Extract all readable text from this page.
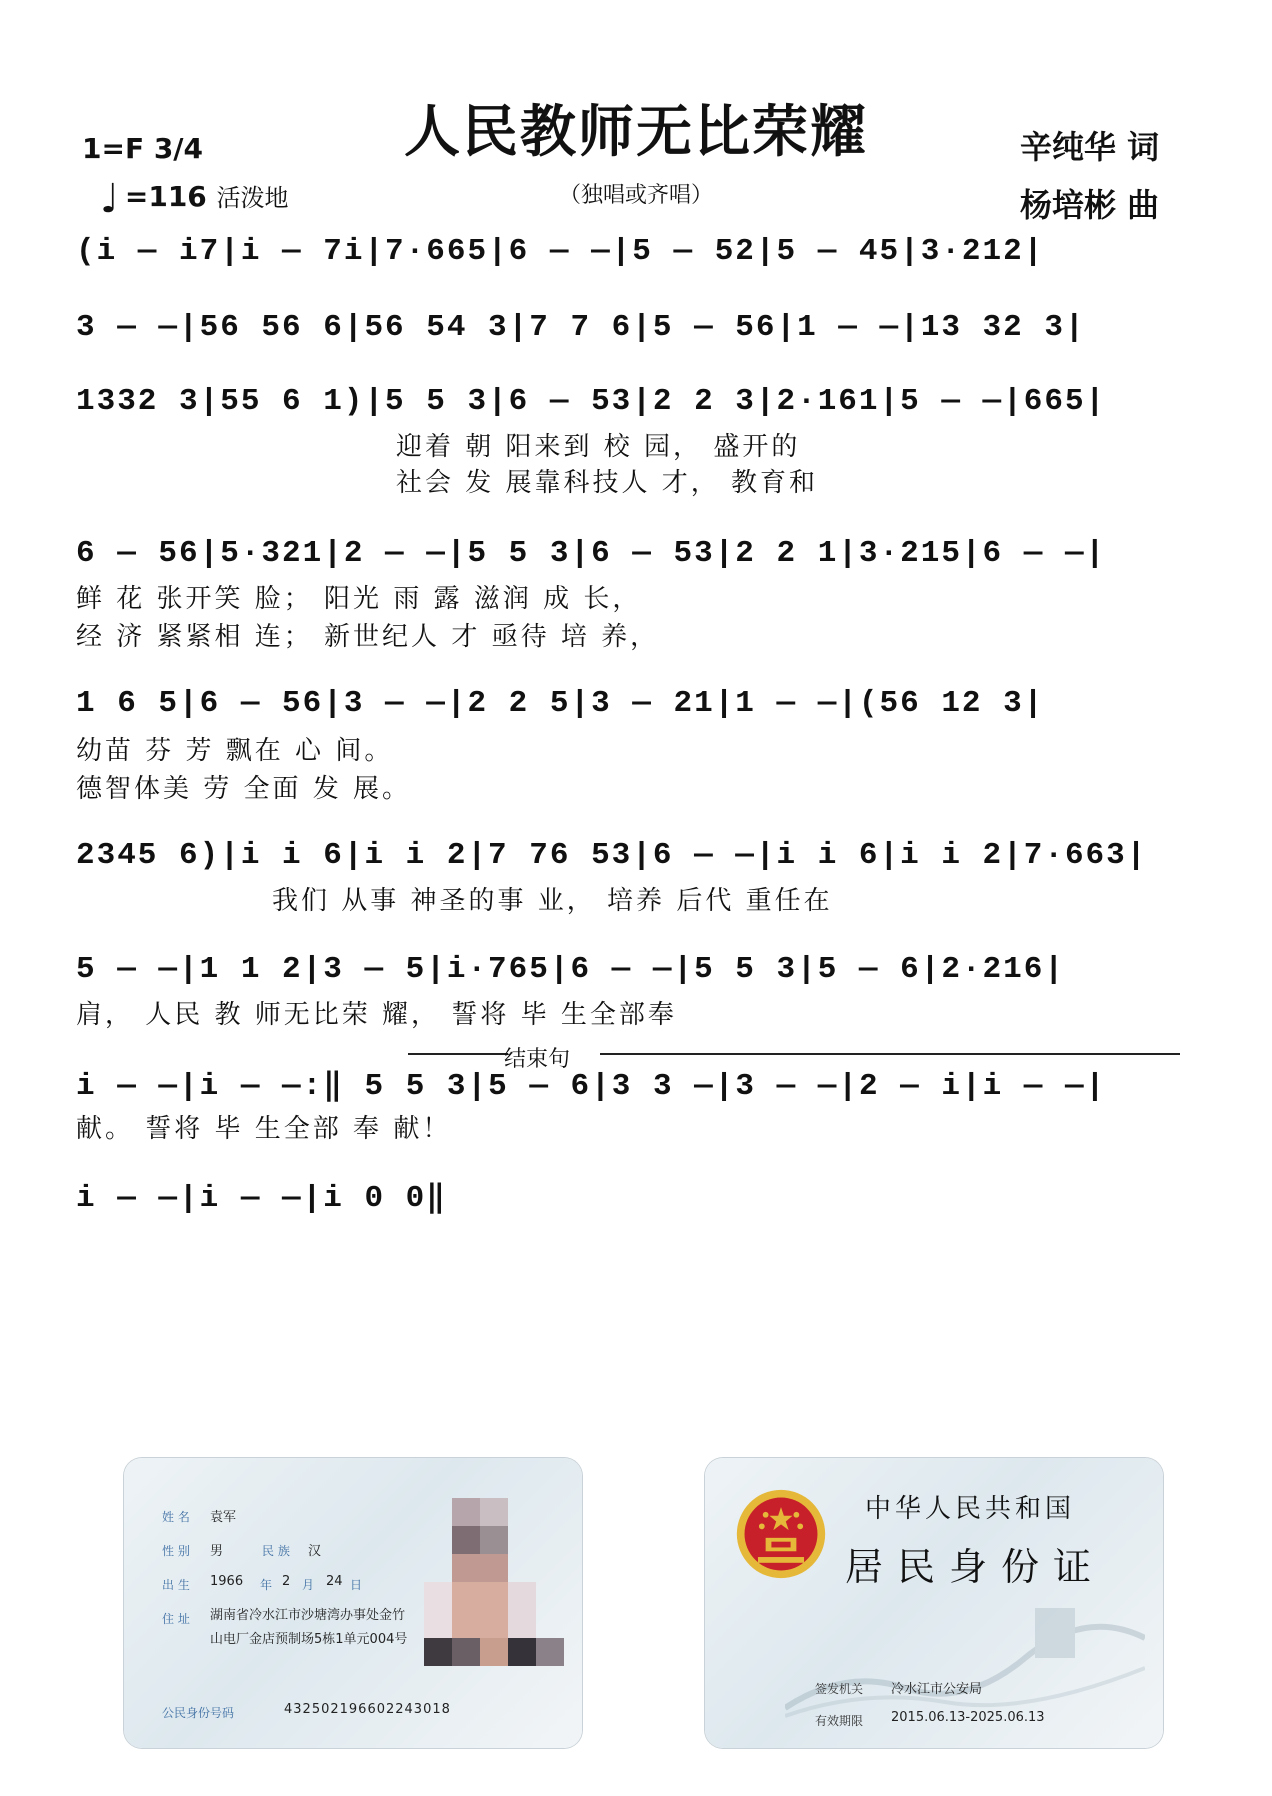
人民教师无比荣耀
（独唱或齐唱）
1=F 3/4
♩ =116 活泼地
辛纯华 词
杨培彬 曲
(i — i7|i — 7i|7·665|6 — —|5 — 52|5 — 45|3·212|
3 — —|56 56 6|56 54 3|7 7 6|5 — 56|1 — —|13 32 3|
1332 3|55 6 1)|5 5 3|6 — 53|2 2 3|2·161|5 — —|665|
迎着 朝 阳来到 校 园， 盛开的
社会 发 展靠科技人 才， 教育和
6 — 56|5·321|2 — —|5 5 3|6 — 53|2 2 1|3·215|6 — —|
鲜 花 张开笑 脸； 阳光 雨 露 滋润 成 长，
经 济 紧紧相 连； 新世纪人 才 亟待 培 养，
1 6 5|6 — 56|3 — —|2 2 5|3 — 21|1 — —|(56 12 3|
幼苗 芬 芳 飘在 心 间。
德智体美 劳 全面 发 展。
2345 6)|i i 6|i i 2|7 76 53|6 — —|i i 6|i i 2|7·663|
我们 从事 神圣的事 业， 培养 后代 重任在
5 — —|1 1 2|3 — 5|i·765|6 — —|5 5 3|5 — 6|2·216|
肩， 人民 教 师无比荣 耀， 誓将 毕 生全部奉
结束句
i — —|i — —:‖ 5 5 3|5 — 6|3 3 —|3 — —|2 — i|i — —|
献。 誓将 毕 生全部 奉 献！
i — —|i — —|i 0 0‖
姓 名 袁军
性 别 男	民 族 汉
出 生 1966 年 2 月 24 日
住 址 湖南省冷水江市沙塘湾办事处金竹山电厂金店预制场5栋1单元004号
公民身份号码	432502196602243018
中华人民共和国
居民身份证
签发机关 冷水江市公安局
有效期限 2015.06.13-2025.06.13
